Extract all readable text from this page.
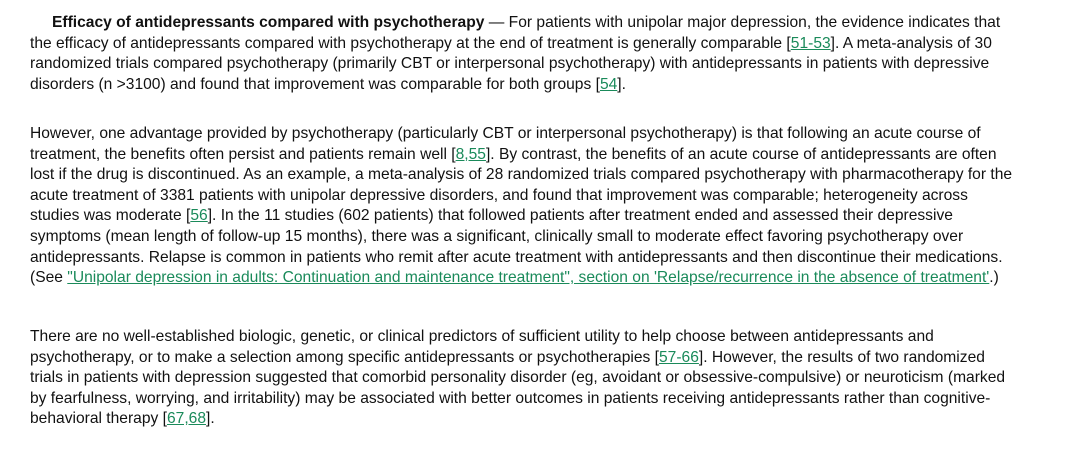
Efficacy of antidepressants compared with psychotherapy — For patients with unipolar major depression, the evidence indicates that
the efficacy of antidepressants compared with psychotherapy at the end of treatment is generally comparable [51-53]. A meta-analysis of 30
randomized trials compared psychotherapy (primarily CBT or interpersonal psychotherapy) with antidepressants in patients with depressive
disorders (n >3100) and found that improvement was comparable for both groups [54].
However, one advantage provided by psychotherapy (particularly CBT or interpersonal psychotherapy) is that following an acute course of
treatment, the benefits often persist and patients remain well [8,55]. By contrast, the benefits of an acute course of antidepressants are often
lost if the drug is discontinued. As an example, a meta-analysis of 28 randomized trials compared psychotherapy with pharmacotherapy for the
acute treatment of 3381 patients with unipolar depressive disorders, and found that improvement was comparable; heterogeneity across
studies was moderate [56]. In the 11 studies (602 patients) that followed patients after treatment ended and assessed their depressive
symptoms (mean length of follow-up 15 months), there was a significant, clinically small to moderate effect favoring psychotherapy over
antidepressants. Relapse is common in patients who remit after acute treatment with antidepressants and then discontinue their medications.
(See "Unipolar depression in adults: Continuation and maintenance treatment", section on 'Relapse/recurrence in the absence of treatment'.)
There are no well-established biologic, genetic, or clinical predictors of sufficient utility to help choose between antidepressants and
psychotherapy, or to make a selection among specific antidepressants or psychotherapies [57-66]. However, the results of two randomized
trials in patients with depression suggested that comorbid personality disorder (eg, avoidant or obsessive-compulsive) or neuroticism (marked
by fearfulness, worrying, and irritability) may be associated with better outcomes in patients receiving antidepressants rather than cognitive-
behavioral therapy [67,68].
